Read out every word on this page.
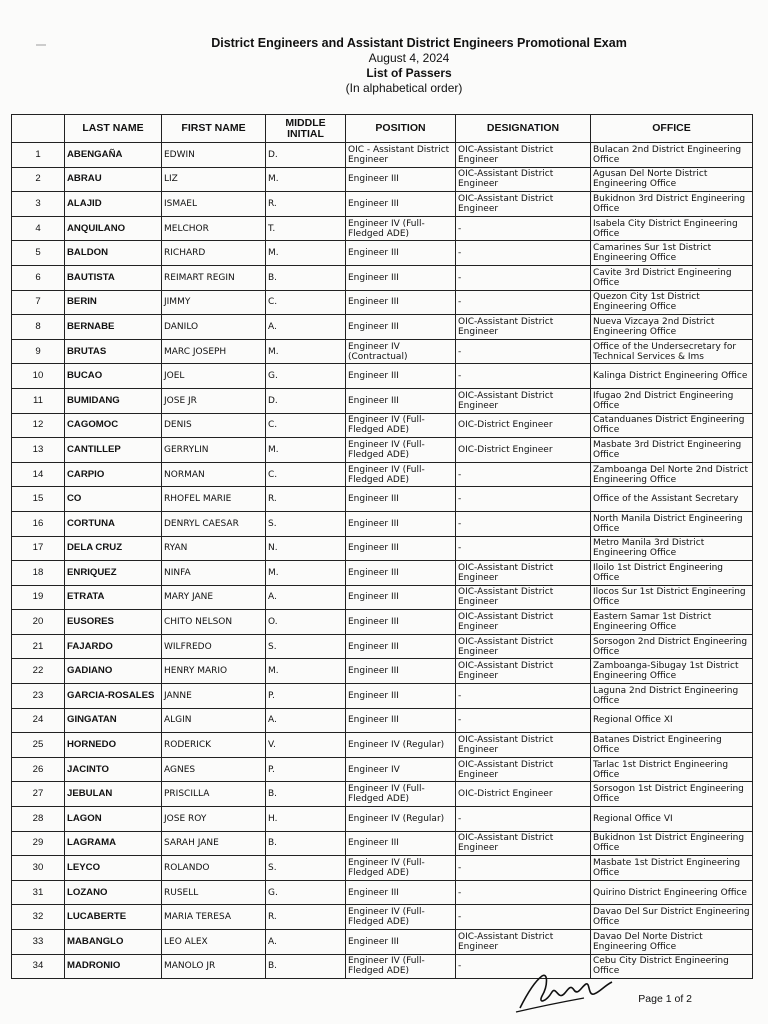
District Engineers and Assistant District Engineers Promotional Exam
August 4, 2024
List of Passers
(In alphabetical order)
	LAST NAME	FIRST NAME	MIDDLE INITIAL	POSITION	DESIGNATION	OFFICE
1	ABENGAÑA	EDWIN	D.	OIC - Assistant District Engineer	OIC-Assistant District Engineer	Bulacan 2nd District Engineering Office
2	ABRAU	LIZ	M.	Engineer III	OIC-Assistant District Engineer	Agusan Del Norte District Engineering Office
3	ALAJID	ISMAEL	R.	Engineer III	OIC-Assistant District Engineer	Bukidnon 3rd District Engineering Office
4	ANQUILANO	MELCHOR	T.	Engineer IV (Full-Fledged ADE)	-	Isabela City District Engineering Office
5	BALDON	RICHARD	M.	Engineer III	-	Camarines Sur 1st District Engineering Office
6	BAUTISTA	REIMART REGIN	B.	Engineer III	-	Cavite 3rd District Engineering Office
7	BERIN	JIMMY	C.	Engineer III	-	Quezon City 1st District Engineering Office
8	BERNABE	DANILO	A.	Engineer III	OIC-Assistant District Engineer	Nueva Vizcaya 2nd District Engineering Office
9	BRUTAS	MARC JOSEPH	M.	Engineer IV (Contractual)	-	Office of the Undersecretary for Technical Services & Ims
10	BUCAO	JOEL	G.	Engineer III	-	Kalinga District Engineering Office
11	BUMIDANG	JOSE JR	D.	Engineer III	OIC-Assistant District Engineer	Ifugao 2nd District Engineering Office
12	CAGOMOC	DENIS	C.	Engineer IV (Full-Fledged ADE)	OIC-District Engineer	Catanduanes District Engineering Office
13	CANTILLEP	GERRYLIN	M.	Engineer IV (Full-Fledged ADE)	OIC-District Engineer	Masbate 3rd District Engineering Office
14	CARPIO	NORMAN	C.	Engineer IV (Full-Fledged ADE)	-	Zamboanga Del Norte 2nd District Engineering Office
15	CO	RHOFEL MARIE	R.	Engineer III	-	Office of the Assistant Secretary
16	CORTUNA	DENRYL CAESAR	S.	Engineer III	-	North Manila District Engineering Office
17	DELA CRUZ	RYAN	N.	Engineer III	-	Metro Manila 3rd District Engineering Office
18	ENRIQUEZ	NINFA	M.	Engineer III	OIC-Assistant District Engineer	Iloilo 1st District Engineering Office
19	ETRATA	MARY JANE	A.	Engineer III	OIC-Assistant District Engineer	Ilocos Sur 1st District Engineering Office
20	EUSORES	CHITO NELSON	O.	Engineer III	OIC-Assistant District Engineer	Eastern Samar 1st District Engineering Office
21	FAJARDO	WILFREDO	S.	Engineer III	OIC-Assistant District Engineer	Sorsogon 2nd District Engineering Office
22	GADIANO	HENRY MARIO	M.	Engineer III	OIC-Assistant District Engineer	Zamboanga-Sibugay 1st District Engineering Office
23	GARCIA-ROSALES	JANNE	P.	Engineer III	-	Laguna 2nd District Engineering Office
24	GINGATAN	ALGIN	A.	Engineer III	-	Regional Office XI
25	HORNEDO	RODERICK	V.	Engineer IV (Regular)	OIC-Assistant District Engineer	Batanes District Engineering Office
26	JACINTO	AGNES	P.	Engineer IV	OIC-Assistant District Engineer	Tarlac 1st District Engineering Office
27	JEBULAN	PRISCILLA	B.	Engineer IV (Full-Fledged ADE)	OIC-District Engineer	Sorsogon 1st District Engineering Office
28	LAGON	JOSE ROY	H.	Engineer IV (Regular)	-	Regional Office VI
29	LAGRAMA	SARAH JANE	B.	Engineer III	OIC-Assistant District Engineer	Bukidnon 1st District Engineering Office
30	LEYCO	ROLANDO	S.	Engineer IV (Full-Fledged ADE)	-	Masbate 1st District Engineering Office
31	LOZANO	RUSELL	G.	Engineer III	-	Quirino District Engineering Office
32	LUCABERTE	MARIA TERESA	R.	Engineer IV (Full-Fledged ADE)	-	Davao Del Sur District Engineering Office
33	MABANGLO	LEO ALEX	A.	Engineer III	OIC-Assistant District Engineer	Davao Del Norte District Engineering Office
34	MADRONIO	MANOLO JR	B.	Engineer IV (Full-Fledged ADE)	-	Cebu City District Engineering Office
Page 1 of 2
